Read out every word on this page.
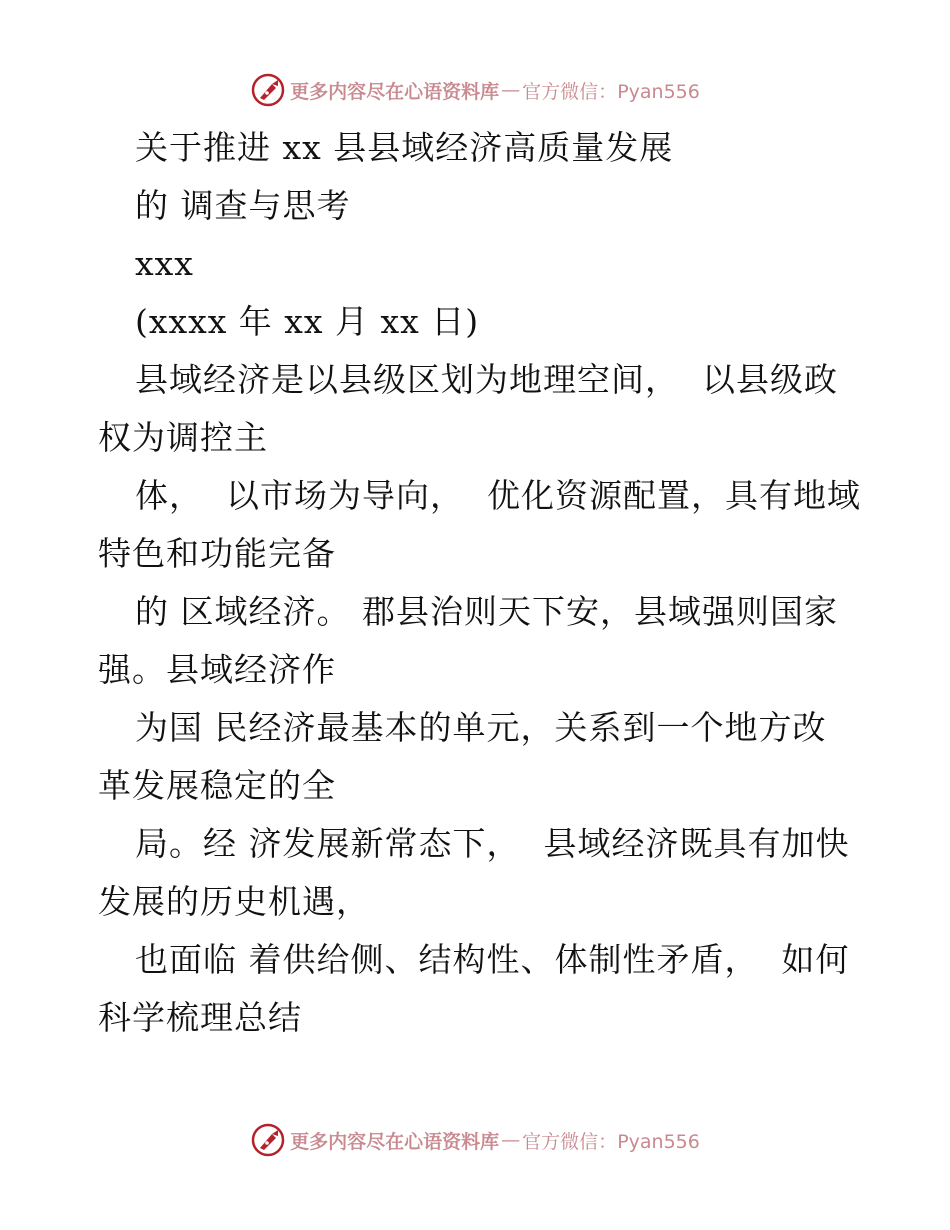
更多内容尽在心语资料库 — 官方微信：Pyan556
关于推进 xx 县县域经济高质量发展
的 调查与思考
xxx
(xxxx 年 xx 月 xx 日)
县域经济是以县级区划为地理空间，  以县级政
权为调控主
体，  以市场为导向，  优化资源配置，具有地域
特色和功能完备
的 区域经济。 郡县治则天下安，县域强则国家
强。县域经济作
为国 民经济最基本的单元，关系到一个地方改
革发展稳定的全
局。经 济发展新常态下，  县域经济既具有加快
发展的历史机遇，
也面临 着供给侧、结构性、体制性矛盾，  如何
科学梳理总结
更多内容尽在心语资料库 — 官方微信：Pyan556
